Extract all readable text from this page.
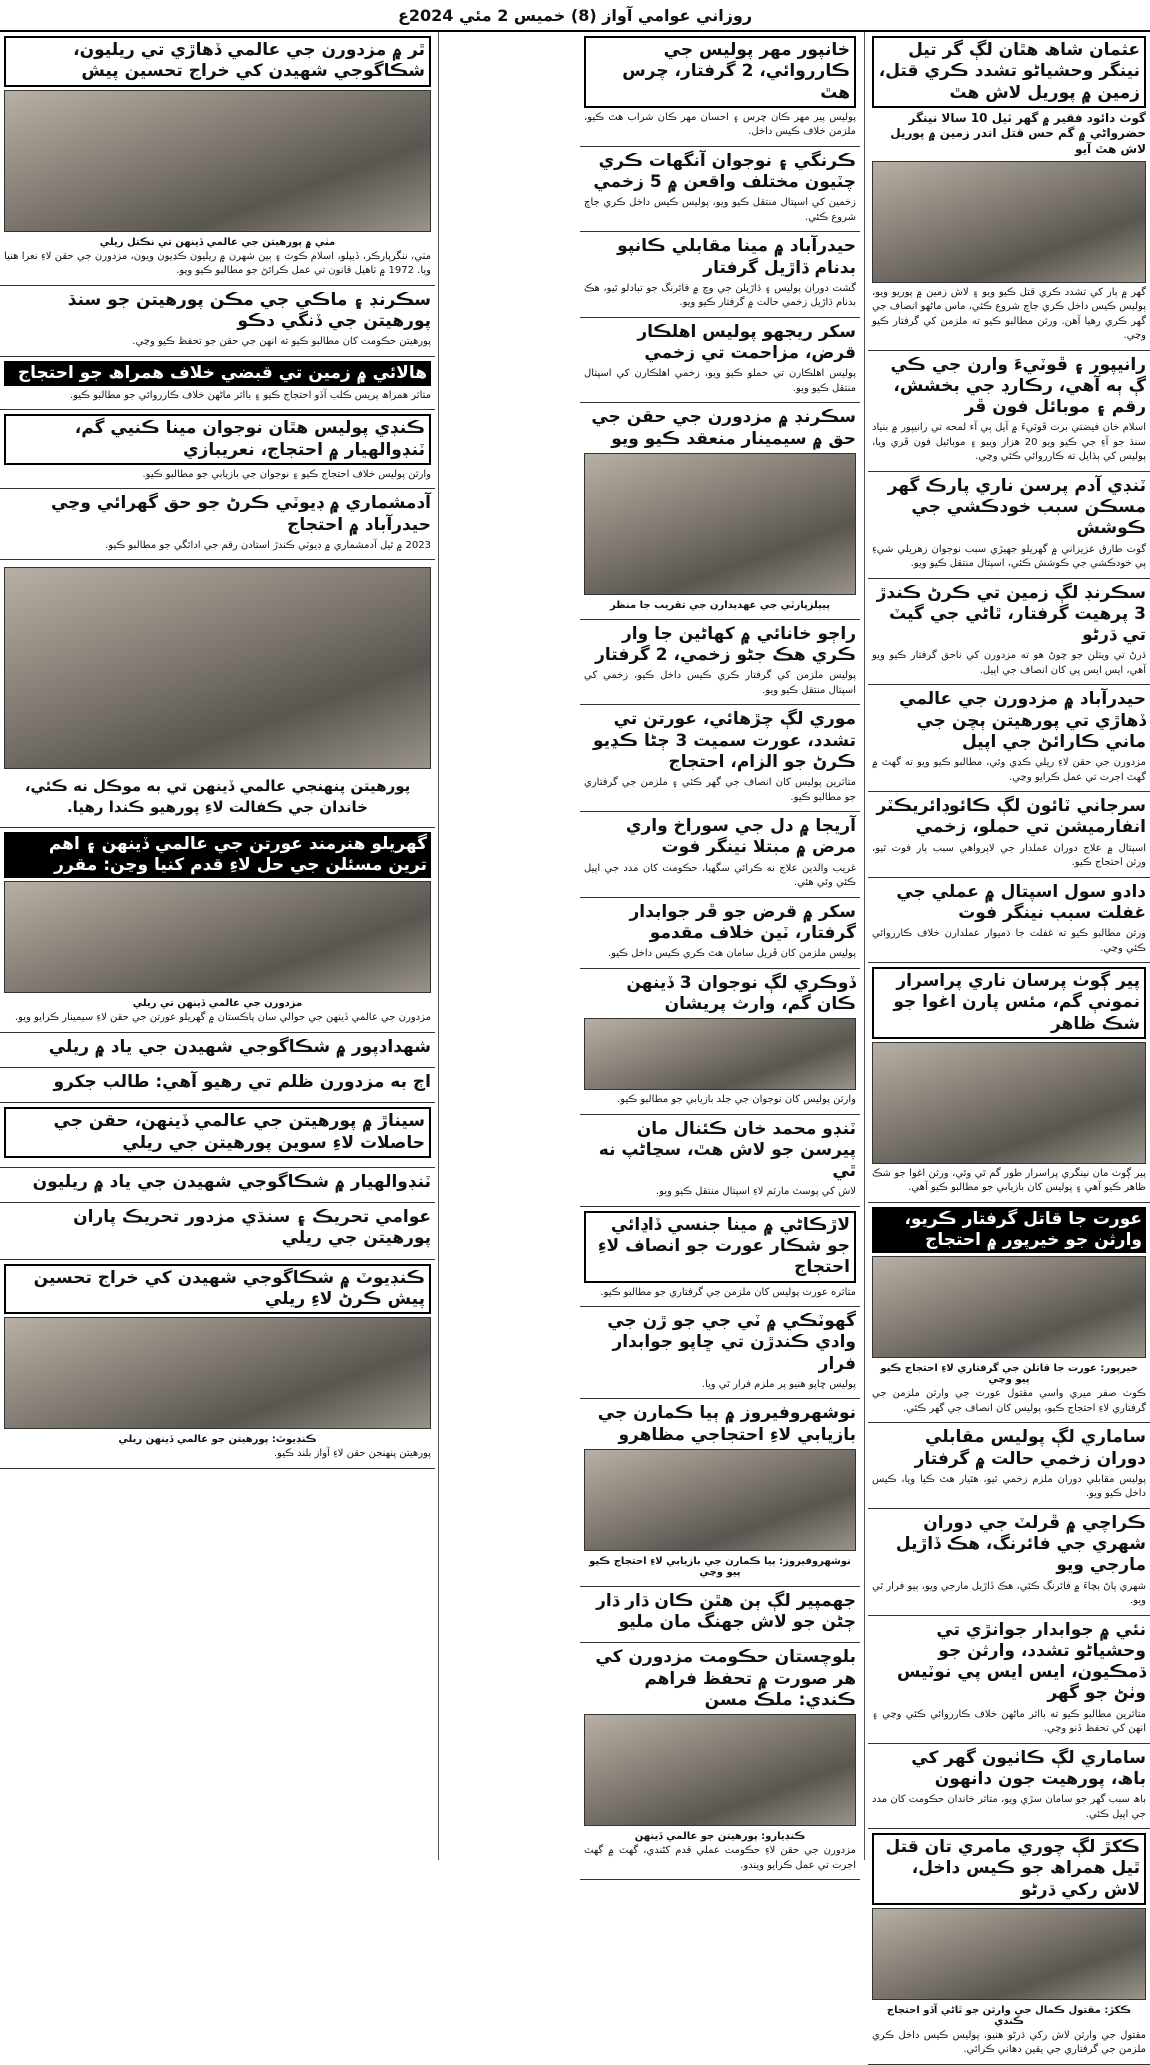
روزاني عوامي آواز (8) خميس 2 مئي 2024ع
عثمان شاھ هٿان لڳ گر تيل نينگر وحشياڻو تشدد ڪري قتل، زمين ۾ پوريل لاش هٿ
گوٺ دائود فقير ۾ گهر ٽيل 10 سالا نينگر حضرواڻي ۾ گم حس قتل اندر زمين ۾ پوريل لاش هٿ آيو
گهر ۾ ٻار کي تشدد ڪري قتل ڪيو ويو ۽ لاش زمين ۾ پوريو ويو، پوليس ڪيس داخل ڪري جاچ شروع ڪئي، ماس ماڻهو انصاف جي گهر ڪري رهيا آهن. ورثن مطالبو ڪيو ته ملزمن کي گرفتار ڪيو وڃي.
رانيپور ۽ ڦوٽيءَ وارن جي ڪي ڳ ٻه آهي، رڪارڊ جي بخشش، رقم ۽ موبائل فون ڦر
اسلام خان فيضتي برت ڦوٽيءَ ۾ آيل ٻي آء لمحه تي رانيپور ۾ بنياد سنڌ جو آءِ جي ڪيو ويو 20 هزار ويبو ۽ موبائيل فون ڦري ويا، پوليس کي ٻڌايل ته ڪارروائي ڪئي وڃي.
ٽنڊي آدم پرسن ناري پارڪ گهر مسڪن سبب خودڪشي جي ڪوشش
گوٺ طارق عزيزاني ۾ گهريلو جهيڙي سبب نوجوان زهريلي شيءِ پي خودڪشي جي ڪوشش ڪئي، اسپتال منتقل ڪيو ويو.
سڪرنڊ لڳ زمين تي ڪرڻ ڪندڙ 3 پرهيت گرفتار، ٿاڻي جي گيٽ تي ڌرڻو
ڌرڻ تي ويٺلن جو چوڻ هو ته مزدورن کي ناحق گرفتار ڪيو ويو آهي، ايس ايس پي کان انصاف جي اپيل.
حيدرآباد ۾ مزدورن جي عالمي ڏهاڙي تي پورهيتن ٻچن جي ماني ڪارائڻ جي اپيل
مزدورن جي حقن لاءِ ريلي ڪڍي وئي، مطالبو ڪيو ويو ته گهٽ ۾ گهٽ اجرت تي عمل ڪرايو وڃي.
سرجاني ٽائون لڳ ڪائوڊائريڪٽر انفارميشن تي حملو، زخمي
اسپتال ۾ علاج دوران عملدار جي لاپرواهي سبب ٻار فوت ٿيو، ورثن احتجاج ڪيو.
دادو سول اسپتال ۾ عملي جي غفلت سبب نينگر فوت
ورثن مطالبو ڪيو ته غفلت جا ذميوار عملدارن خلاف ڪارروائي ڪئي وڃي.
پير ڳوٺ پرسان ناري پراسرار نمونې گم، مئس پارن اغوا جو شڪ ظاهر
پير ڳوٺ مان نينگري پراسرار طور گم ٿي وئي، ورثن اغوا جو شڪ ظاهر ڪيو آهي ۽ پوليس کان بازيابي جو مطالبو ڪيو آهي.
عورت جا قاتل گرفتار ڪريو، وارثن جو خيرپور ۾ احتجاج
خيرپور: عورت جا قاتلن جي گرفتاري لاءِ احتجاج ڪيو پيو وڃي
ڪوٺ صفر ميري واسي مقتول عورت جي وارثن ملزمن جي گرفتاري لاءِ احتجاج ڪيو، پوليس کان انصاف جي گهر ڪئي.
ساماري لڳ پوليس مقابلي دوران زخمي حالت ۾ گرفتار
پوليس مقابلي دوران ملزم زخمي ٿيو، هٿيار هٿ ڪيا ويا، ڪيس داخل ڪيو ويو.
ڪراچي ۾ ڦرلٽ جي دوران شهري جي فائرنگ، هڪ ڏاڙيل مارجي ويو
شهري پاڻ بچاءَ ۾ فائرنگ ڪئي، هڪ ڏاڙيل مارجي ويو، ٻيو فرار ٿي ويو.
نئي ۾ جوابدار جوانڙي تي وحشياڻو تشدد، وارثن جو ڌمڪيون، ايس ايس پي نوٽيس وٺڻ جو گهر
متاثرين مطالبو ڪيو ته بااثر ماڻهن خلاف ڪارروائي ڪئي وڃي ۽ انهن کي تحفظ ڏنو وڃي.
ساماري لڳ ڪاٺيون گهر کي باھ، پورهيت جون دانهون
باھ سبب گهر جو سامان سڙي ويو، متاثر خاندان حڪومت کان مدد جي اپيل ڪئي.
ڪکڙ لڳ چوري مامري تان قتل ٿيل همراھ جو ڪيس داخل، لاش رکي ڌرڻو
ڪکڙ: مقتول ڪمال جي وارثن جو ٿاڻي آڏو احتجاج ڪندي
مقتول جي وارثن لاش رکي ڌرڻو هنيو، پوليس ڪيس داخل ڪري ملزمن جي گرفتاري جي يقين دهاني ڪرائي.
خانپور مهر پوليس جي ڪارروائي، 2 گرفتار، چرس هٿ
پوليس پير مهر ڪان چرس ۽ احسان مهر ڪان شراب هٿ ڪيو، ملزمن خلاف ڪيس داخل.
ڪرنگي ۽ نوجوان آنگهات ڪري چٽيون مختلف واقعن ۾ 5 زخمي
زخمين کي اسپتال منتقل ڪيو ويو، پوليس ڪيس داخل ڪري جاچ شروع ڪئي.
حيدرآباد ۾ مينا مقابلي ڪانپو بدنام ڌاڙيل گرفتار
گشت دوران پوليس ۽ ڌاڙيلن جي وچ ۾ فائرنگ جو تبادلو ٿيو، هڪ بدنام ڌاڙيل زخمي حالت ۾ گرفتار ڪيو ويو.
سکر ريجهو پوليس اهلڪار قرض، مزاحمت تي زخمي
پوليس اهلڪارن تي حملو ڪيو ويو، زخمي اهلڪارن کي اسپتال منتقل ڪيو ويو.
سڪرنڊ ۾ مزدورن جي حقن جي حق ۾ سيمينار منعقد ڪيو ويو
پيپلزپارٽي جي عهديدارن جي تقريب جا منظر
راڄو خانائي ۾ کهاڻين جا وار ڪري هڪ جڻو زخمي، 2 گرفتار
پوليس ملزمن کي گرفتار ڪري ڪيس داخل ڪيو، زخمي کي اسپتال منتقل ڪيو ويو.
موري لڳ چڙهائي، عورتن تي تشدد، عورت سميت 3 ڄڻا ڪڍيو ڪرڻ جو الزام، احتجاج
متاثرين پوليس کان انصاف جي گهر ڪئي ۽ ملزمن جي گرفتاري جو مطالبو ڪيو.
آريجا ۾ دل جي سوراخ واري مرض ۾ مبتلا نينگر فوت
غريب والدين علاج نه ڪرائي سگهيا، حڪومت کان مدد جي اپيل ڪئي وئي هئي.
سکر ۾ قرض جو ڦر جوابدار گرفتار، ٽين خلاف مقدمو
پوليس ملزمن کان ڦريل سامان هٿ ڪري ڪيس داخل ڪيو.
ڏوڪري لڳ نوجوان 3 ڏينهن ڪان گم، وارث پريشان
وارثن پوليس کان نوجوان جي جلد بازيابي جو مطالبو ڪيو.
ٽنڊو محمد خان ڪئنال مان پيرسن جو لاش هٿ، سڃاڻپ نه ٿي
لاش کي پوسٽ مارٽم لاءِ اسپتال منتقل ڪيو ويو.
لاڙڪاڻي ۾ مينا جنسي ڏاڍائي جو شڪار عورت جو انصاف لاءِ احتجاج
متاثره عورت پوليس کان ملزمن جي گرفتاري جو مطالبو ڪيو.
گهوٽڪي ۾ ٽي جي جو ڙن جي وادي ڪندڙن تي ڇاپو جوابدار فرار
پوليس ڇاپو هنيو پر ملزم فرار ٿي ويا.
نوشهروفيروز ۾ ٻيا ڪمارن جي بازيابي لاءِ احتجاجي مظاهرو
نوشهروفيروز: ٻيا ڪمارن جي بازيابي لاءِ احتجاج ڪيو پيو وڃي
جهمپير لڳ ٻن هٿن ڪان ڌار ڌار ڄڻن جو لاش جهنگ مان مليو
بلوچستان حڪومت مزدورن کي هر صورت ۾ تحفظ فراهم ڪندي: ملڪ مسن
ڪنڊيارو: پورهيتن جو عالمي ڏينهن
مزدورن جي حقن لاءِ حڪومت عملي قدم کڻندي، گهٽ ۾ گهٽ اجرت تي عمل ڪرايو ويندو.
ٿر ۾ مزدورن جي عالمي ڏهاڙي تي ريليون، شڪاگوجي شهيدن کي خراج تحسين پيش
مٺي ۾ پورهيتن جي عالمي ڏينهن تي نڪتل ريلي
مٺي، ننگرپارڪر، ڏيپلو، اسلام ڪوٽ ۽ ٻين شهرن ۾ ريليون ڪڍيون ويون، مزدورن جي حقن لاءِ نعرا هنيا ويا. 1972 ۾ ٺاهيل قانون تي عمل ڪرائڻ جو مطالبو ڪيو ويو.
سڪرنڊ ۽ ماڪي جي مڪن پورهيتن جو سنڌ پورهيتن جي ڏنگي دڪو
پورهيتن حڪومت کان مطالبو ڪيو ته انهن جي حقن جو تحفظ ڪيو وڃي.
هالائي ۾ زمين تي قبضي خلاف همراھ جو احتجاج
متاثر همراھ پريس ڪلب آڏو احتجاج ڪيو ۽ بااثر ماڻهن خلاف ڪارروائي جو مطالبو ڪيو.
ڪنڊي پوليس هٿان نوجوان مينا ڪنيي گم، ٽنڊوالهيار ۾ احتجاج، نعريبازي
وارثن پوليس خلاف احتجاج ڪيو ۽ نوجوان جي بازيابي جو مطالبو ڪيو.
آدمشماري ۾ ڊيوٽي ڪرڻ جو حق گهرائي وڃي حيدرآباد ۾ احتجاج
2023 ۾ ٿيل آدمشماري ۾ ڊيوٽي ڪندڙ استادن رقم جي ادائگي جو مطالبو ڪيو.
پورهيتن پنهنجي عالمي ڏينهن تي به موڪل نه ڪئي، خاندان جي ڪفالت لاءِ پورهيو ڪندا رهيا.
گهريلو هنرمند عورتن جي عالمي ڏينهن ۽ اهم ترين مسئلن جي حل لاءِ قدم کنيا وڃن: مقرر
مزدورن جي عالمي ڏينهن تي ريلي
مزدورن جي عالمي ڏينهن جي حوالي سان پاڪستان ۾ گهريلو عورتن جي حقن لاءِ سيمينار ڪرايو ويو.
شهدادپور ۾ شڪاگوجي شهيدن جي ياد ۾ ريلي
اڄ به مزدورن ظلم تي رهيو آهي: طالب جکرو
سيناڙ ۾ پورهيتن جي عالمي ڏينهن، حقن جي حاصلات لاءِ سوين پورهيتن جي ريلي
ٽنڊوالهيار ۾ شڪاگوجي شهيدن جي ياد ۾ ريليون
عوامي تحريڪ ۽ سنڌي مزدور تحريڪ پاران پورهيتن جي ريلي
ڪنڊيوٽ ۾ شڪاگوجي شهيدن کي خراج تحسين پيش ڪرڻ لاءِ ريلي
ڪنڊيوٽ: پورهيتن جو عالمي ڏينهن ريلي
پورهيتن پنهنجن حقن لاءِ آواز بلند ڪيو.
